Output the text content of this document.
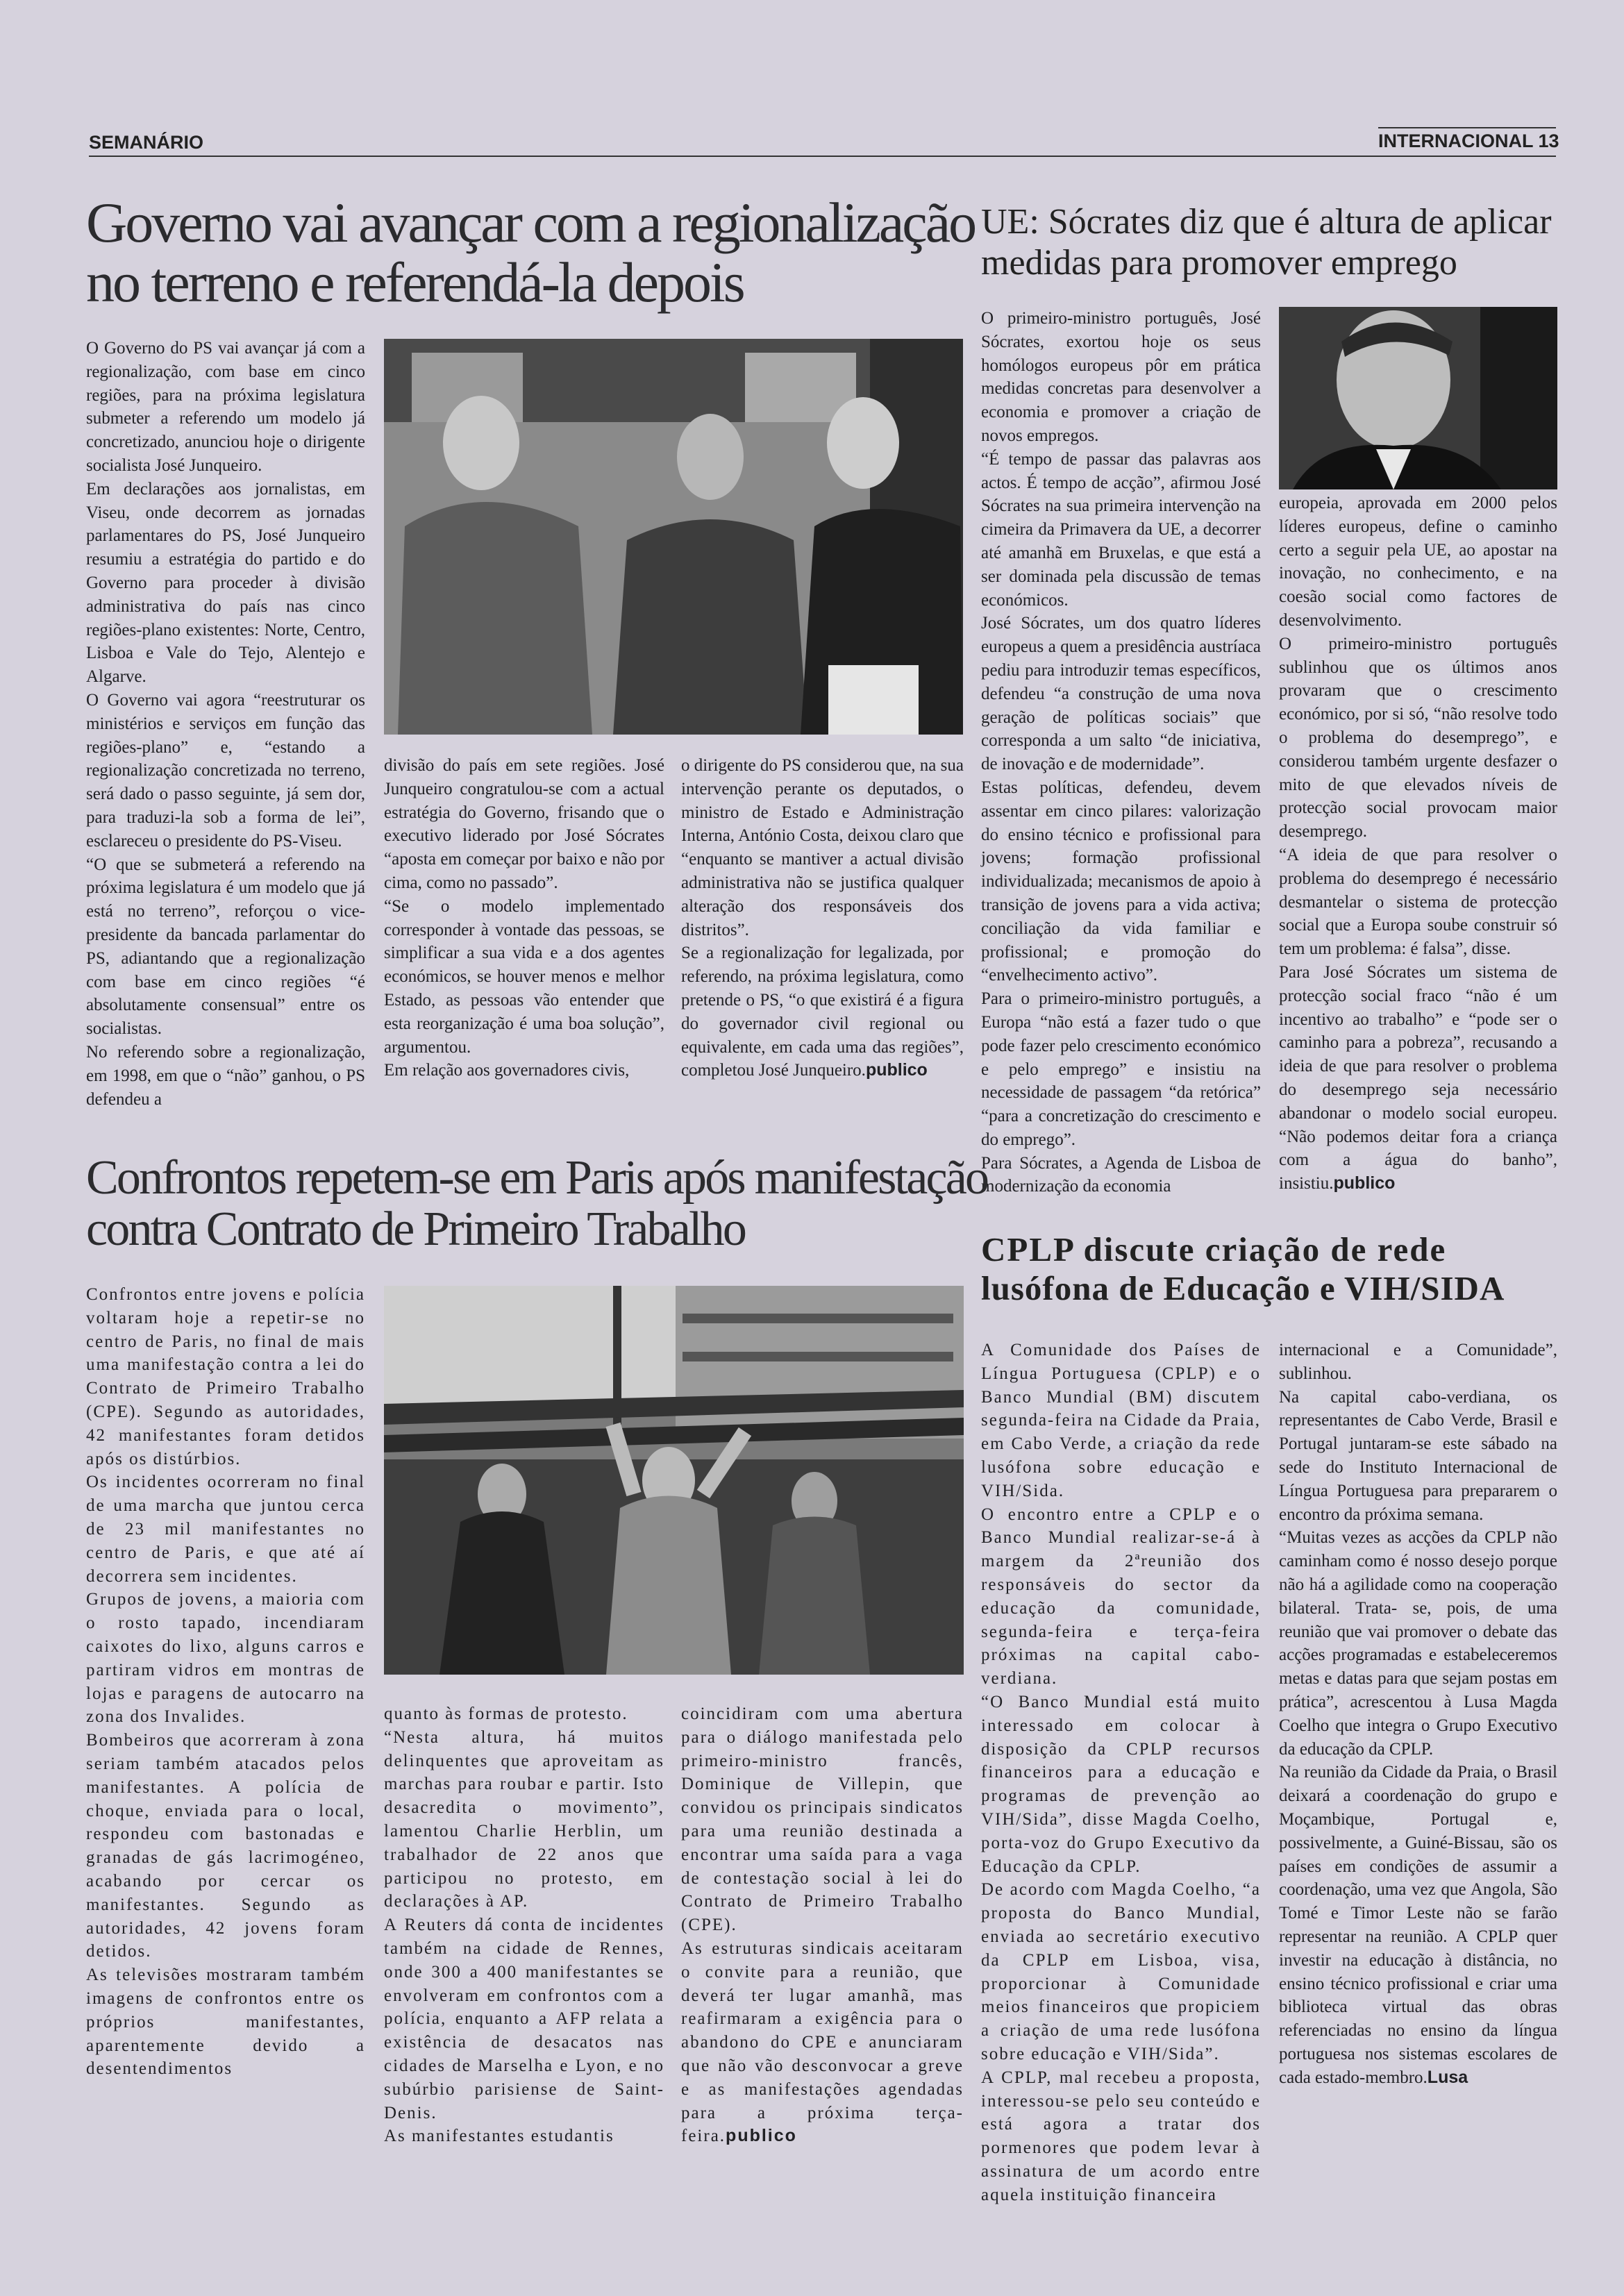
SEMANÁRIO	INTERNACIONAL 13
Governo vai avançar com a regionalização
no terreno e referendá-la depois

O Governo do PS vai avançar já com a regionalização, com base em cinco regiões, para na próxima legislatura submeter a referendo um modelo já concretizado, anunciou hoje o dirigente socialista José Junqueiro.

Em declarações aos jornalistas, em Viseu, onde decorrem as jornadas parlamentares do PS, José Junqueiro resumiu a estratégia do partido e do Governo para proceder à divisão administrativa do país nas cinco regiões-plano existentes: Norte, Centro, Lisboa e Vale do Tejo, Alentejo e Algarve.

O Governo vai agora “reestruturar os ministérios e serviços em função das regiões-plano” e, “estando a regionalização concretizada no terreno, será dado o passo seguinte, já sem dor, para traduzi-la sob a forma de lei”, esclareceu o presidente do PS-Viseu.

“O que se submeterá a referendo na próxima legislatura é um modelo que já está no terreno”, reforçou o vice-presidente da bancada parlamentar do PS, adiantando que a regionalização com base em cinco regiões “é absolutamente consensual” entre os socialistas.

No referendo sobre a regionalização, em 1998, em que o “não” ganhou, o PS defendeu a

divisão do país em sete regiões. José Junqueiro congratulou-se com a actual estratégia do Governo, frisando que o executivo liderado por José Sócrates “aposta em começar por baixo e não por cima, como no passado”.

“Se o modelo implementado corresponder à vontade das pessoas, se simplificar a sua vida e a dos agentes económicos, se houver menos e melhor Estado, as pessoas vão entender que esta reorganização é uma boa solução”, argumentou.

Em relação aos governadores civis,

o dirigente do PS considerou que, na sua intervenção perante os deputados, o ministro de Estado e Administração Interna, António Costa, deixou claro que “enquanto se mantiver a actual divisão administrativa não se justifica qualquer alteração dos responsáveis dos distritos”.

Se a regionalização for legalizada, por referendo, na próxima legislatura, como pretende o PS, “o que existirá é a figura do governador civil regional ou equivalente, em cada uma das regiões”, completou José Junqueiro.publico

UE: Sócrates diz que é altura de aplicar
medidas para promover emprego

O primeiro-ministro português, José Sócrates, exortou hoje os seus homólogos europeus pôr em prática medidas concretas para desenvolver a economia e promover a criação de novos empregos.

“É tempo de passar das palavras aos actos. É tempo de acção”, afirmou José Sócrates na sua primeira intervenção na cimeira da Primavera da UE, a decorrer até amanhã em Bruxelas, e que está a ser dominada pela discussão de temas económicos.

José Sócrates, um dos quatro líderes europeus a quem a presidência austríaca pediu para introduzir temas específicos, defendeu “a construção de uma nova geração de políticas sociais” que corresponda a um salto “de iniciativa, de inovação e de modernidade”.

Estas políticas, defendeu, devem assentar em cinco pilares: valorização do ensino técnico e profissional para jovens; formação profissional individualizada; mecanismos de apoio à transição de jovens para a vida activa; conciliação da vida familiar e profissional; e promoção do “envelhecimento activo”.

Para o primeiro-ministro português, a Europa “não está a fazer tudo o que pode fazer pelo crescimento económico e pelo emprego” e insistiu na necessidade de passagem “da retórica” “para a concretização do crescimento e do emprego”.

Para Sócrates, a Agenda de Lisboa de modernização da economia

europeia, aprovada em 2000 pelos líderes europeus, define o caminho certo a seguir pela UE, ao apostar na inovação, no conhecimento, e na coesão social como factores de desenvolvimento.

O primeiro-ministro português sublinhou que os últimos anos provaram que o crescimento económico, por si só, “não resolve todo o problema do desemprego”, e considerou também urgente desfazer o mito de que elevados níveis de protecção social provocam maior desemprego.

“A ideia de que para resolver o problema do desemprego é necessário desmantelar o sistema de protecção social que a Europa soube construir só tem um problema: é falsa”, disse.

Para José Sócrates um sistema de protecção social fraco “não é um incentivo ao trabalho” e “pode ser o caminho para a pobreza”, recusando a ideia de que para resolver o problema do desemprego seja necessário abandonar o modelo social europeu. “Não podemos deitar fora a criança com a água do banho”, insistiu.publico

Confrontos repetem-se em Paris após manifestação
contra Contrato de Primeiro Trabalho

Confrontos entre jovens e polícia voltaram hoje a repetir-se no centro de Paris, no final de mais uma manifestação contra a lei do Contrato de Primeiro Trabalho (CPE). Segundo as autoridades, 42 manifestantes foram detidos após os distúrbios.

Os incidentes ocorreram no final de uma marcha que juntou cerca de 23 mil manifestantes no centro de Paris, e que até aí decorrera sem incidentes.

Grupos de jovens, a maioria com o rosto tapado, incendiaram caixotes do lixo, alguns carros e partiram vidros em montras de lojas e paragens de autocarro na zona dos Invalides.

Bombeiros que acorreram à zona seriam também atacados pelos manifestantes. A polícia de choque, enviada para o local, respondeu com bastonadas e granadas de gás lacrimogéneo, acabando por cercar os manifestantes. Segundo as autoridades, 42 jovens foram detidos.

As televisões mostraram também imagens de confrontos entre os próprios manifestantes, aparentemente devido a desentendimentos

quanto às formas de protesto.

“Nesta altura, há muitos delinquentes que aproveitam as marchas para roubar e partir. Isto desacredita o movimento”, lamentou Charlie Herblin, um trabalhador de 22 anos que participou no protesto, em declarações à AP.

A Reuters dá conta de incidentes também na cidade de Rennes, onde 300 a 400 manifestantes se envolveram em confrontos com a polícia, enquanto a AFP relata a existência de desacatos nas cidades de Marselha e Lyon, e no subúrbio parisiense de Saint-Denis.

As manifestantes estudantis

coincidiram com uma abertura para o diálogo manifestada pelo primeiro-ministro francês, Dominique de Villepin, que convidou os principais sindicatos para uma reunião destinada a encontrar uma saída para a vaga de contestação social à lei do Contrato de Primeiro Trabalho (CPE).

As estruturas sindicais aceitaram o convite para a reunião, que deverá ter lugar amanhã, mas reafirmaram a exigência para o abandono do CPE e anunciaram que não vão desconvocar a greve e as manifestações agendadas para a próxima terça-feira.publico

CPLP discute criação de rede
lusófona de Educação e VIH/SIDA

A Comunidade dos Países de Língua Portuguesa (CPLP) e o Banco Mundial (BM) discutem segunda-feira na Cidade da Praia, em Cabo Verde, a criação da rede lusófona sobre educação e VIH/Sida.

O encontro entre a CPLP e o Banco Mundial realizar-se-á à margem da 2ªreunião dos responsáveis do sector da educação da comunidade, segunda-feira e terça-feira próximas na capital cabo- verdiana.

“O Banco Mundial está muito interessado em colocar à disposição da CPLP recursos financeiros para a educação e programas de prevenção ao VIH/Sida”, disse Magda Coelho, porta-voz do Grupo Executivo da Educação da CPLP.

De acordo com Magda Coelho, “a proposta do Banco Mundial, enviada ao secretário executivo da CPLP em Lisboa, visa, proporcionar à Comunidade meios financeiros que propiciem a criação de uma rede lusófona sobre educação e VIH/Sida”.

A CPLP, mal recebeu a proposta, interessou-se pelo seu conteúdo e está agora a tratar dos pormenores que podem levar à assinatura de um acordo entre aquela instituição financeira

internacional e a Comunidade”, sublinhou.

Na capital cabo-verdiana, os representantes de Cabo Verde, Brasil e Portugal juntaram-se este sábado na sede do Instituto Internacional de Língua Portuguesa para prepararem o encontro da próxima semana.

“Muitas vezes as acções da CPLP não caminham como é nosso desejo porque não há a agilidade como na cooperação bilateral. Trata- se, pois, de uma reunião que vai promover o debate das acções programadas e estabeleceremos metas e datas para que sejam postas em prática”, acrescentou à Lusa Magda Coelho que integra o Grupo Executivo da educação da CPLP.

Na reunião da Cidade da Praia, o Brasil deixará a coordenação do grupo e Moçambique, Portugal e, possivelmente, a Guiné-Bissau, são os países em condições de assumir a coordenação, uma vez que Angola, São Tomé e Timor Leste não se farão representar na reunião. A CPLP quer investir na educação à distância, no ensino técnico profissional e criar uma biblioteca virtual das obras referenciadas no ensino da língua portuguesa nos sistemas escolares de cada estado-membro.Lusa
